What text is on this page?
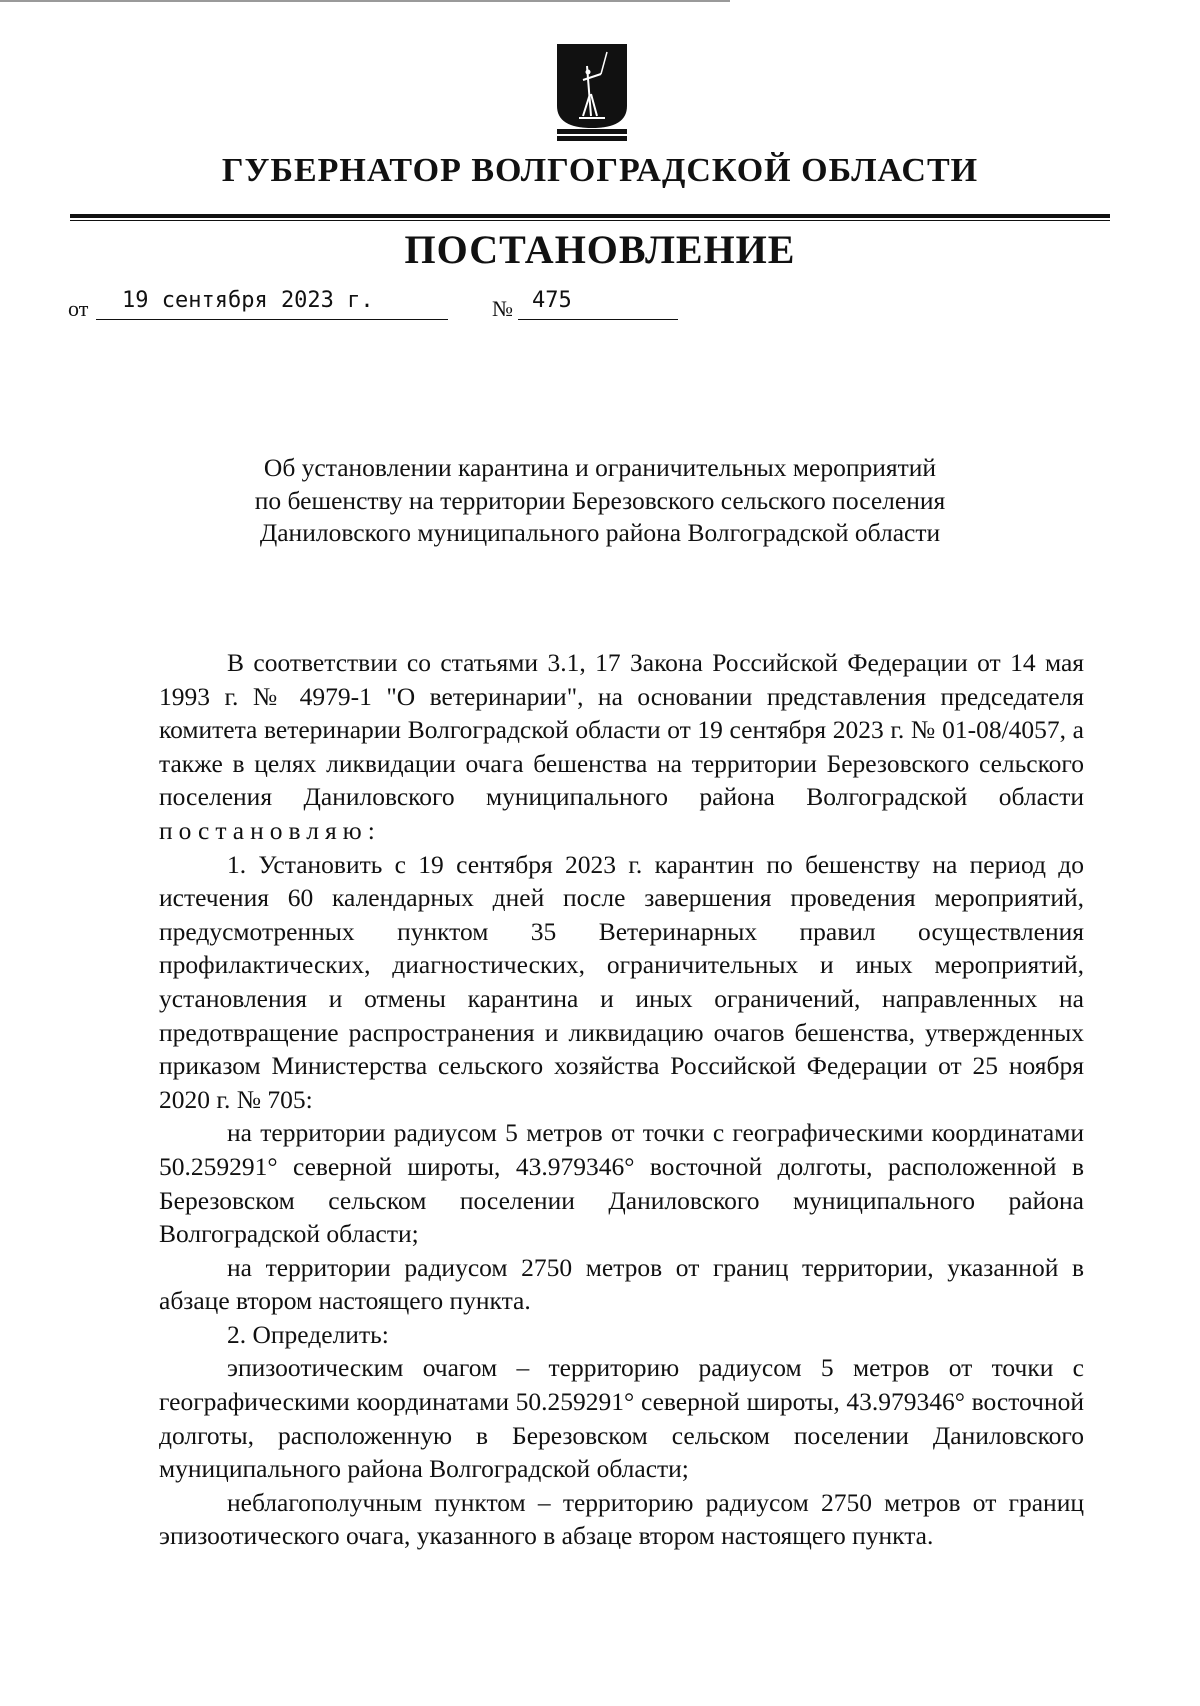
ГУБЕРНАТОР ВОЛГОГРАДСКОЙ ОБЛАСТИ
ПОСТАНОВЛЕНИЕ
от	19 сентября 2023 г.	№ 475
Об установлении карантина и ограничительных мероприятий
по бешенству на территории Березовского сельского поселения
Даниловского муниципального района Волгоградской области

В соответствии со статьями 3.1, 17 Закона Российской Федерации от 14 мая 1993 г. № 4979-1 "О ветеринарии", на основании представления председателя комитета ветеринарии Волгоградской области от 19 сентября 2023 г. № 01-08/4057, а также в целях ликвидации очага бешенства на территории Березовского сельского поселения Даниловского муниципального района Волгоградской области постановляю:

1. Установить с 19 сентября 2023 г. карантин по бешенству на период до истечения 60 календарных дней после завершения проведения мероприятий, предусмотренных пунктом 35 Ветеринарных правил осуществления профилактических, диагностических, ограничительных и иных мероприятий, установления и отмены карантина и иных ограничений, направленных на предотвращение распространения и ликвидацию очагов бешенства, утвержденных приказом Министерства сельского хозяйства Российской Федерации от 25 ноября 2020 г. № 705:

на территории радиусом 5 метров от точки с географическими координатами 50.259291° северной широты, 43.979346° восточной долготы, расположенной в Березовском сельском поселении Даниловского муниципального района Волгоградской области;

на территории радиусом 2750 метров от границ территории, указанной в абзаце втором настоящего пункта.

2. Определить:

эпизоотическим очагом – территорию радиусом 5 метров от точки с географическими координатами 50.259291° северной широты, 43.979346° восточной долготы, расположенную в Березовском сельском поселении Даниловского муниципального района Волгоградской области;

неблагополучным пунктом – территорию радиусом 2750 метров от границ эпизоотического очага, указанного в абзаце втором настоящего пункта.
